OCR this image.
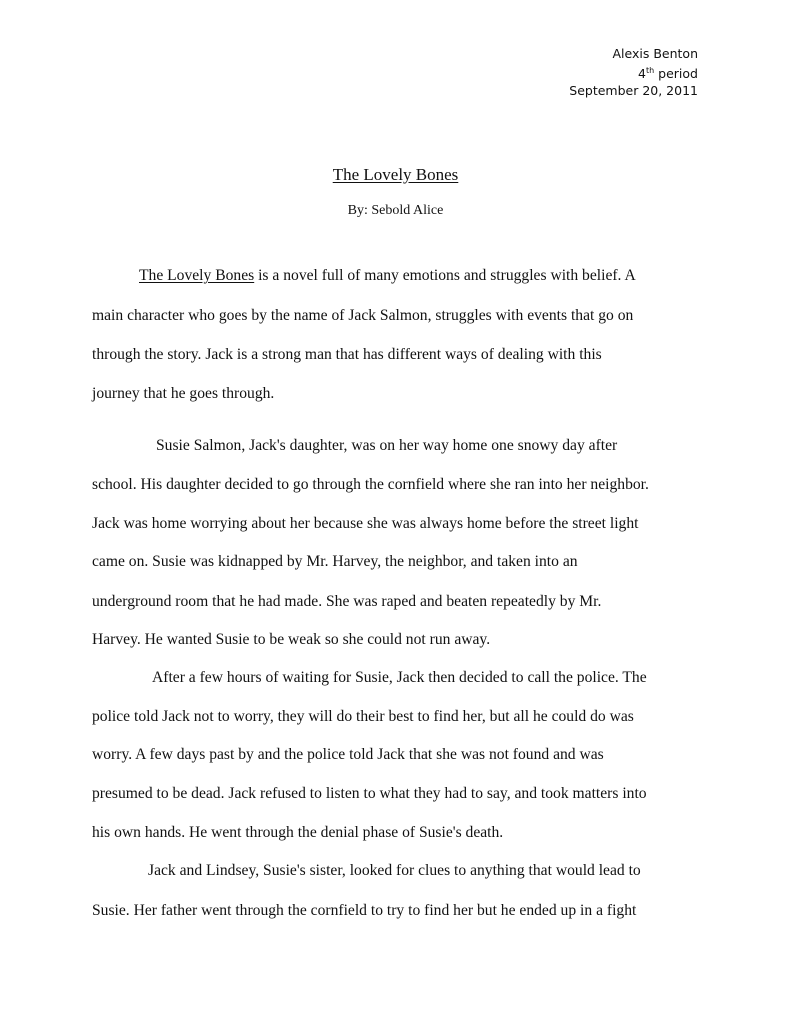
Alexis Benton
4th period
September 20, 2011
The Lovely Bones
By: Sebold Alice
The Lovely Bones is a novel full of many emotions and struggles with belief. A
main character who goes by the name of Jack Salmon, struggles with events that go on
through the story. Jack is a strong man that has different ways of dealing with this
journey that he goes through.
Susie Salmon, Jack's daughter, was on her way home one snowy day after
school. His daughter decided to go through the cornfield where she ran into her neighbor.
Jack was home worrying about her because she was always home before the street light
came on. Susie was kidnapped by Mr. Harvey, the neighbor, and taken into an
underground room that he had made. She was raped and beaten repeatedly by Mr.
Harvey. He wanted Susie to be weak so she could not run away.
After a few hours of waiting for Susie, Jack then decided to call the police. The
police told Jack not to worry, they will do their best to find her, but all he could do was
worry. A few days past by and the police told Jack that she was not found and was
presumed to be dead. Jack refused to listen to what they had to say, and took matters into
his own hands. He went through the denial phase of Susie's death.
Jack and Lindsey, Susie's sister, looked for clues to anything that would lead to
Susie. Her father went through the cornfield to try to find her but he ended up in a fight
